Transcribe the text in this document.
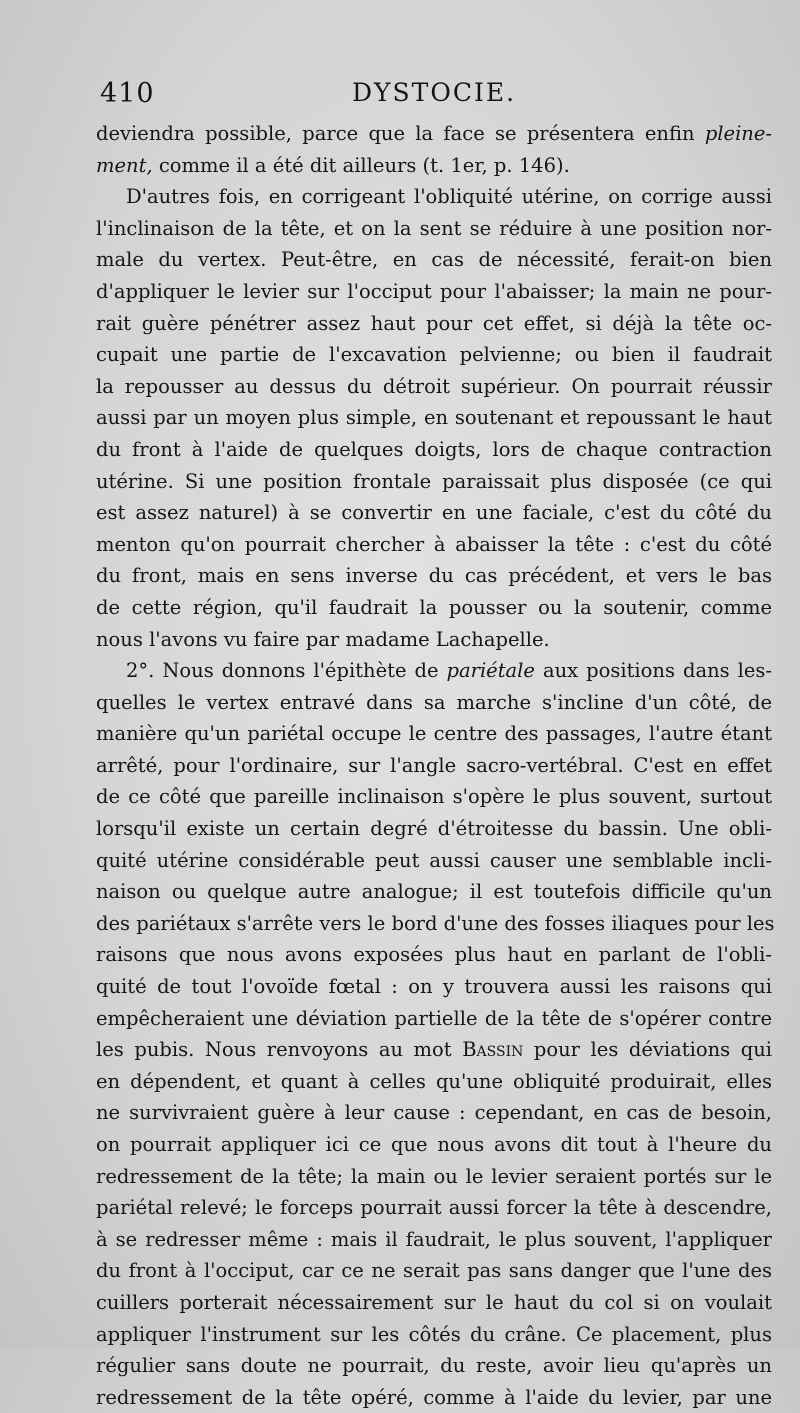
410	DYSTOCIE.
deviendra possible, parce que la face se présentera enfin pleine-
ment, comme il a été dit ailleurs (t. 1er, p. 146).
D'autres fois, en corrigeant l'obliquité utérine, on corrige aussi
l'inclinaison de la tête, et on la sent se réduire à une position nor-
male du vertex. Peut-être, en cas de nécessité, ferait-on bien
d'appliquer le levier sur l'occiput pour l'abaisser; la main ne pour-
rait guère pénétrer assez haut pour cet effet, si déjà la tête oc-
cupait une partie de l'excavation pelvienne; ou bien il faudrait
la repousser au dessus du détroit supérieur. On pourrait réussir
aussi par un moyen plus simple, en soutenant et repoussant le haut
du front à l'aide de quelques doigts, lors de chaque contraction
utérine. Si une position frontale paraissait plus disposée (ce qui
est assez naturel) à se convertir en une faciale, c'est du côté du
menton qu'on pourrait chercher à abaisser la tête : c'est du côté
du front, mais en sens inverse du cas précédent, et vers le bas
de cette région, qu'il faudrait la pousser ou la soutenir, comme
nous l'avons vu faire par madame Lachapelle.
2°. Nous donnons l'épithète de pariétale aux positions dans les-
quelles le vertex entravé dans sa marche s'incline d'un côté, de
manière qu'un pariétal occupe le centre des passages, l'autre étant
arrêté, pour l'ordinaire, sur l'angle sacro-vertébral. C'est en effet
de ce côté que pareille inclinaison s'opère le plus souvent, surtout
lorsqu'il existe un certain degré d'étroitesse du bassin. Une obli-
quité utérine considérable peut aussi causer une semblable incli-
naison ou quelque autre analogue; il est toutefois difficile qu'un
des pariétaux s'arrête vers le bord d'une des fosses iliaques pour les
raisons que nous avons exposées plus haut en parlant de l'obli-
quité de tout l'ovoïde fœtal : on y trouvera aussi les raisons qui
empêcheraient une déviation partielle de la tête de s'opérer contre
les pubis. Nous renvoyons au mot Bassin pour les déviations qui
en dépendent, et quant à celles qu'une obliquité produirait, elles
ne survivraient guère à leur cause : cependant, en cas de besoin,
on pourrait appliquer ici ce que nous avons dit tout à l'heure du
redressement de la tête; la main ou le levier seraient portés sur le
pariétal relevé; le forceps pourrait aussi forcer la tête à descendre,
à se redresser même : mais il faudrait, le plus souvent, l'appliquer
du front à l'occiput, car ce ne serait pas sans danger que l'une des
cuillers porterait nécessairement sur le haut du col si on voulait
appliquer l'instrument sur les côtés du crâne. Ce placement, plus
régulier sans doute ne pourrait, du reste, avoir lieu qu'après un
redressement de la tête opéré, comme à l'aide du levier, par une
